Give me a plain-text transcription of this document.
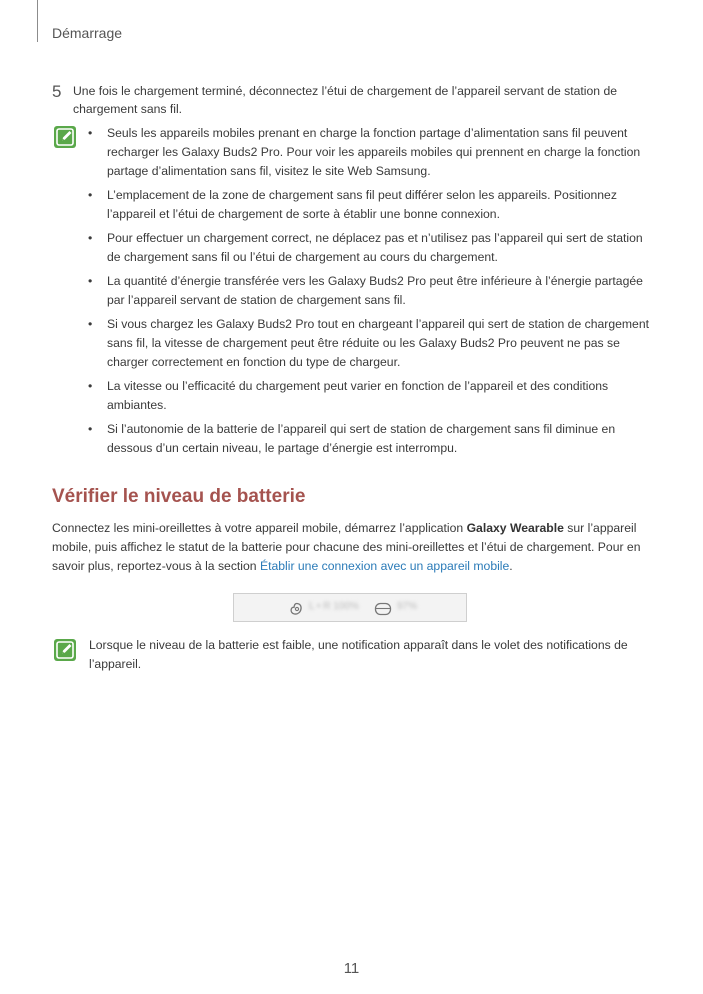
Démarrage
5 Une fois le chargement terminé, déconnectez l’étui de chargement de l’appareil servant de station de chargement sans fil.
• Seuls les appareils mobiles prenant en charge la fonction partage d’alimentation sans fil peuvent recharger les Galaxy Buds2 Pro. Pour voir les appareils mobiles qui prennent en charge la fonction partage d’alimentation sans fil, visitez le site Web Samsung.
• L’emplacement de la zone de chargement sans fil peut différer selon les appareils. Positionnez l’appareil et l’étui de chargement de sorte à établir une bonne connexion.
• Pour effectuer un chargement correct, ne déplacez pas et n’utilisez pas l’appareil qui sert de station de chargement sans fil ou l’étui de chargement au cours du chargement.
• La quantité d’énergie transférée vers les Galaxy Buds2 Pro peut être inférieure à l’énergie partagée par l’appareil servant de station de chargement sans fil.
• Si vous chargez les Galaxy Buds2 Pro tout en chargeant l’appareil qui sert de station de chargement sans fil, la vitesse de chargement peut être réduite ou les Galaxy Buds2 Pro peuvent ne pas se charger correctement en fonction du type de chargeur.
• La vitesse ou l’efficacité du chargement peut varier en fonction de l’appareil et des conditions ambiantes.
• Si l’autonomie de la batterie de l’appareil qui sert de station de chargement sans fil diminue en dessous d’un certain niveau, le partage d’énergie est interrompu.
Vérifier le niveau de batterie
Connectez les mini-oreillettes à votre appareil mobile, démarrez l’application Galaxy Wearable sur l’appareil mobile, puis affichez le statut de la batterie pour chacune des mini-oreillettes et l’étui de chargement. Pour en savoir plus, reportez-vous à la section Établir une connexion avec un appareil mobile.
L • R 100%	97%
Lorsque le niveau de la batterie est faible, une notification apparaît dans le volet des notifications de l’appareil.
11
